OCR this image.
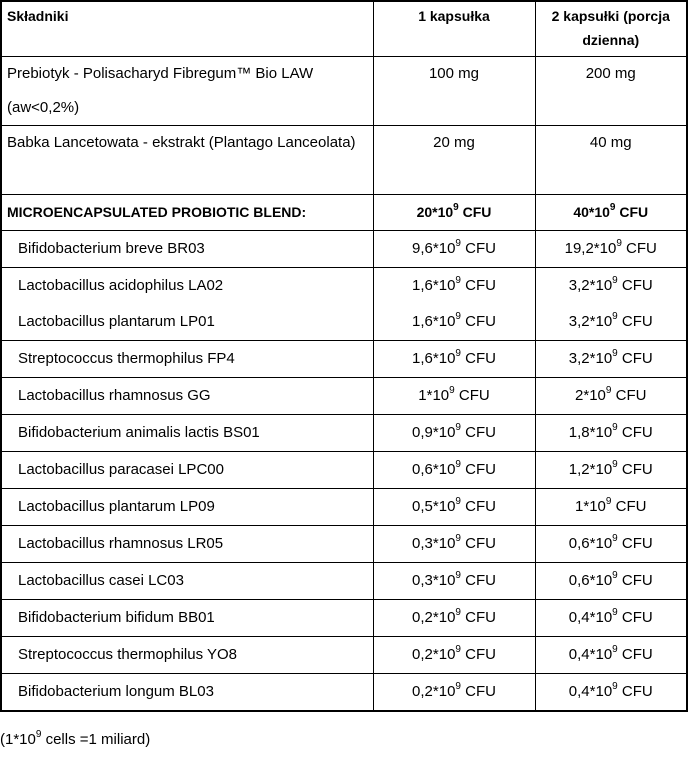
Składniki	1 kapsułka	2 kapsułki (porcja dzienna)
Prebiotyk - Polisacharyd Fibregum™ Bio LAW (aw<0,2%)	100 mg	200 mg
Babka Lancetowata - ekstrakt (Plantago Lanceolata)	20 mg	40 mg
MICROENCAPSULATED PROBIOTIC BLEND:	$20*10^9$ CFU	$40*10^9$ CFU
Bifidobacterium breve BR03	$9,6*10^9$ CFU	$19,2*10^9$ CFU
Lactobacillus acidophilus LA02	$1,6*10^9$ CFU	$3,2*10^9$ CFU
Lactobacillus plantarum LP01	$1,6*10^9$ CFU	$3,2*10^9$ CFU
Streptococcus thermophilus FP4	$1,6*10^9$ CFU	$3,2*10^9$ CFU
Lactobacillus rhamnosus GG	$1*10^9$ CFU	$2*10^9$ CFU
Bifidobacterium animalis lactis BS01	$0,9*10^9$ CFU	$1,8*10^9$ CFU
Lactobacillus paracasei LPC00	$0,6*10^9$ CFU	$1,2*10^9$ CFU
Lactobacillus plantarum LP09	$0,5*10^9$ CFU	$1*10^9$ CFU
Lactobacillus rhamnosus LR05	$0,3*10^9$ CFU	$0,6*10^9$ CFU
Lactobacillus casei LC03	$0,3*10^9$ CFU	$0,6*10^9$ CFU
Bifidobacterium bifidum BB01	$0,2*10^9$ CFU	$0,4*10^9$ CFU
Streptococcus thermophilus YO8	$0,2*10^9$ CFU	$0,4*10^9$ CFU
Bifidobacterium longum BL03	$0,2*10^9$ CFU	$0,4*10^9$ CFU
($1*10^9$ cells =1 miliard)
